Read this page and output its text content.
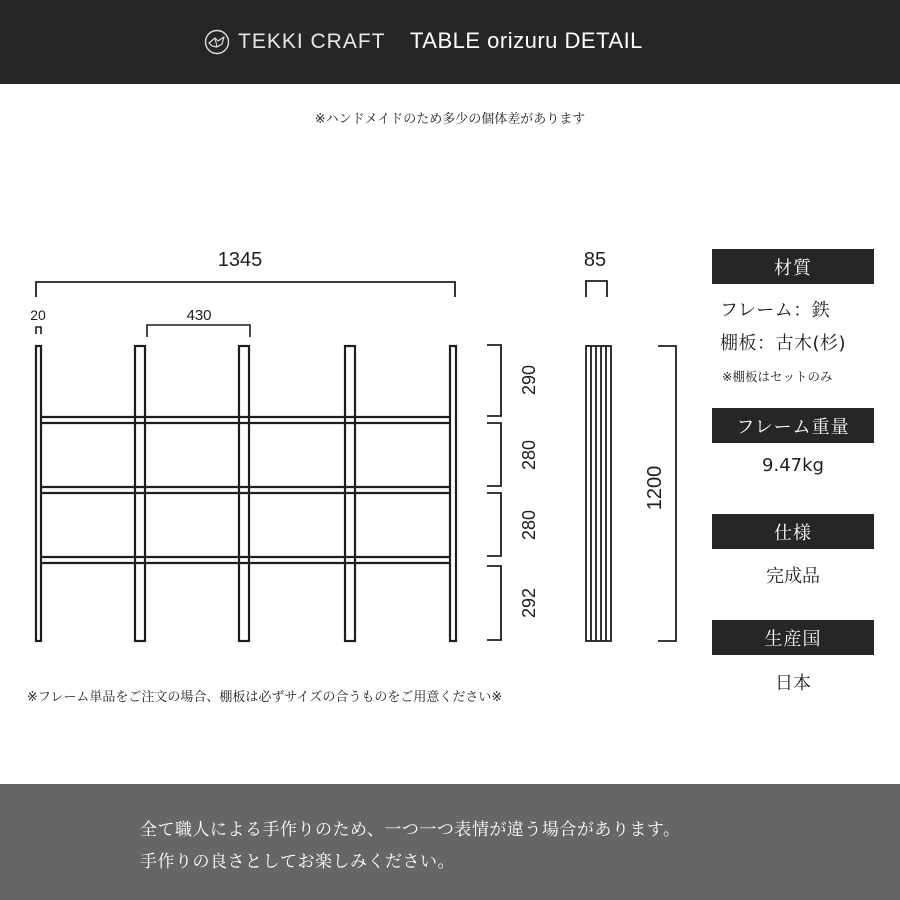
TEKKI CRAFT TABLE orizuru DETAIL
※ハンドメイドのため多少の個体差があります
1345
20	430
290
280
280
292
85
1200
※フレーム単品をご注文の場合、棚板は必ずサイズの合うものをご用意ください※
材質
フレーム：鉄
棚板：古木(杉)
※棚板はセットのみ
フレーム重量
9.47kg
仕様
完成品
生産国
日本
全て職人による手作りのため、一つ一つ表情が違う場合があります。
手作りの良さとしてお楽しみください。
